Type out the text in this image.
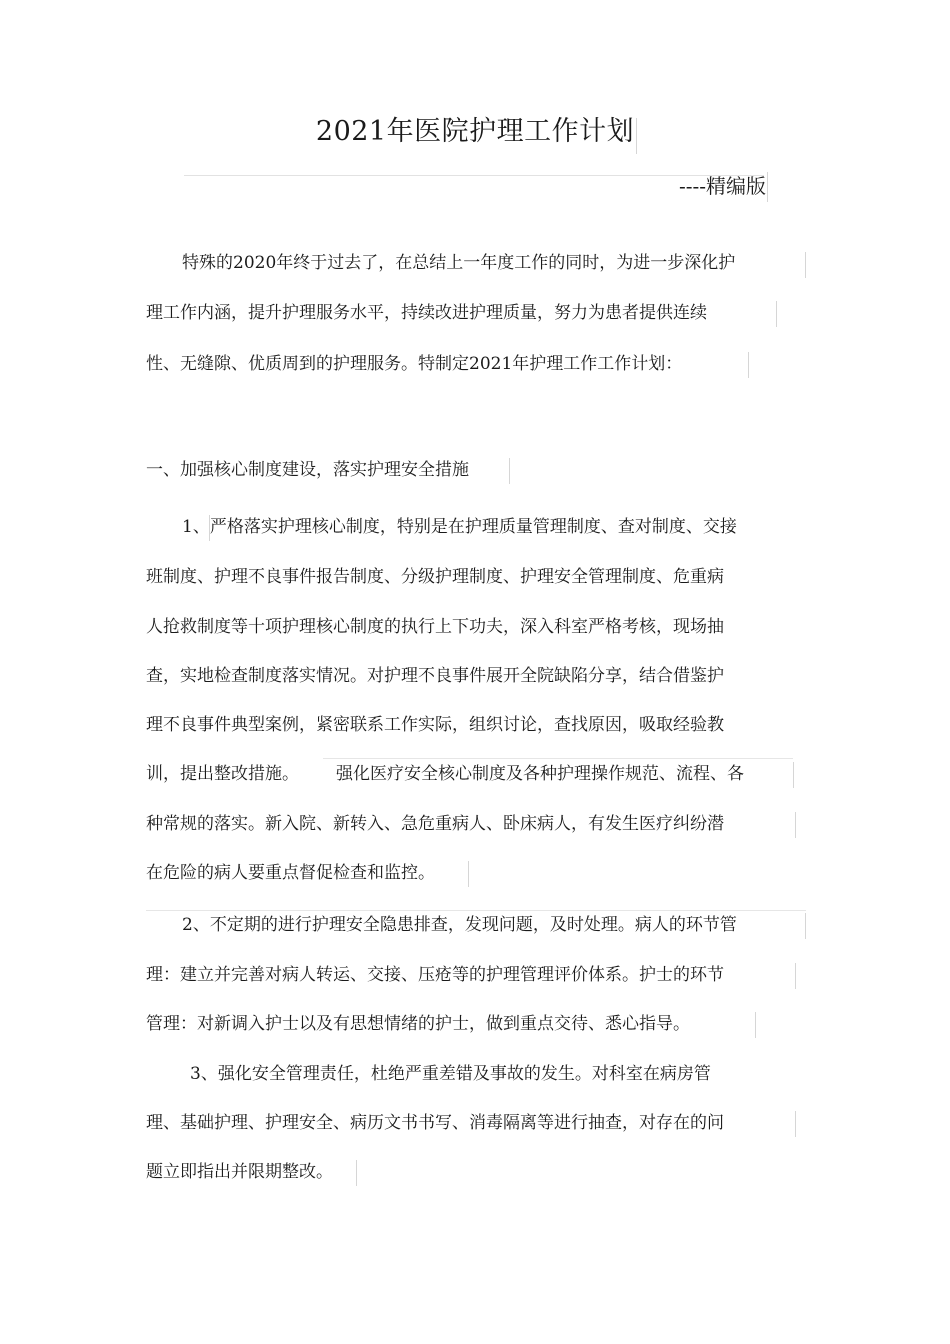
2021年医院护理工作计划
----精编版
特殊的2020年终于过去了，在总结上一年度工作的同时，为进一步深化护
理工作内涵，提升护理服务水平，持续改进护理质量，努力为患者提供连续
性、无缝隙、优质周到的护理服务。特制定2021年护理工作工作计划：
一、加强核心制度建设，落实护理安全措施
1、严格落实护理核心制度，特别是在护理质量管理制度、查对制度、交接
班制度、护理不良事件报告制度、分级护理制度、护理安全管理制度、危重病
人抢救制度等十项护理核心制度的执行上下功夫，深入科室严格考核，现场抽
查，实地检查制度落实情况。对护理不良事件展开全院缺陷分享，结合借鉴护
理不良事件典型案例，紧密联系工作实际，组织讨论，查找原因，吸取经验教
训，提出整改措施。 强化医疗安全核心制度及各种护理操作规范、流程、各
种常规的落实。新入院、新转入、急危重病人、卧床病人，有发生医疗纠纷潜
在危险的病人要重点督促检查和监控。
2、不定期的进行护理安全隐患排查，发现问题，及时处理。病人的环节管
理：建立并完善对病人转运、交接、压疮等的护理管理评价体系。护士的环节
管理：对新调入护士以及有思想情绪的护士，做到重点交待、悉心指导。
3、强化安全管理责任，杜绝严重差错及事故的发生。对科室在病房管
理、基础护理、护理安全、病历文书书写、消毒隔离等进行抽查，对存在的问
题立即指出并限期整改。
